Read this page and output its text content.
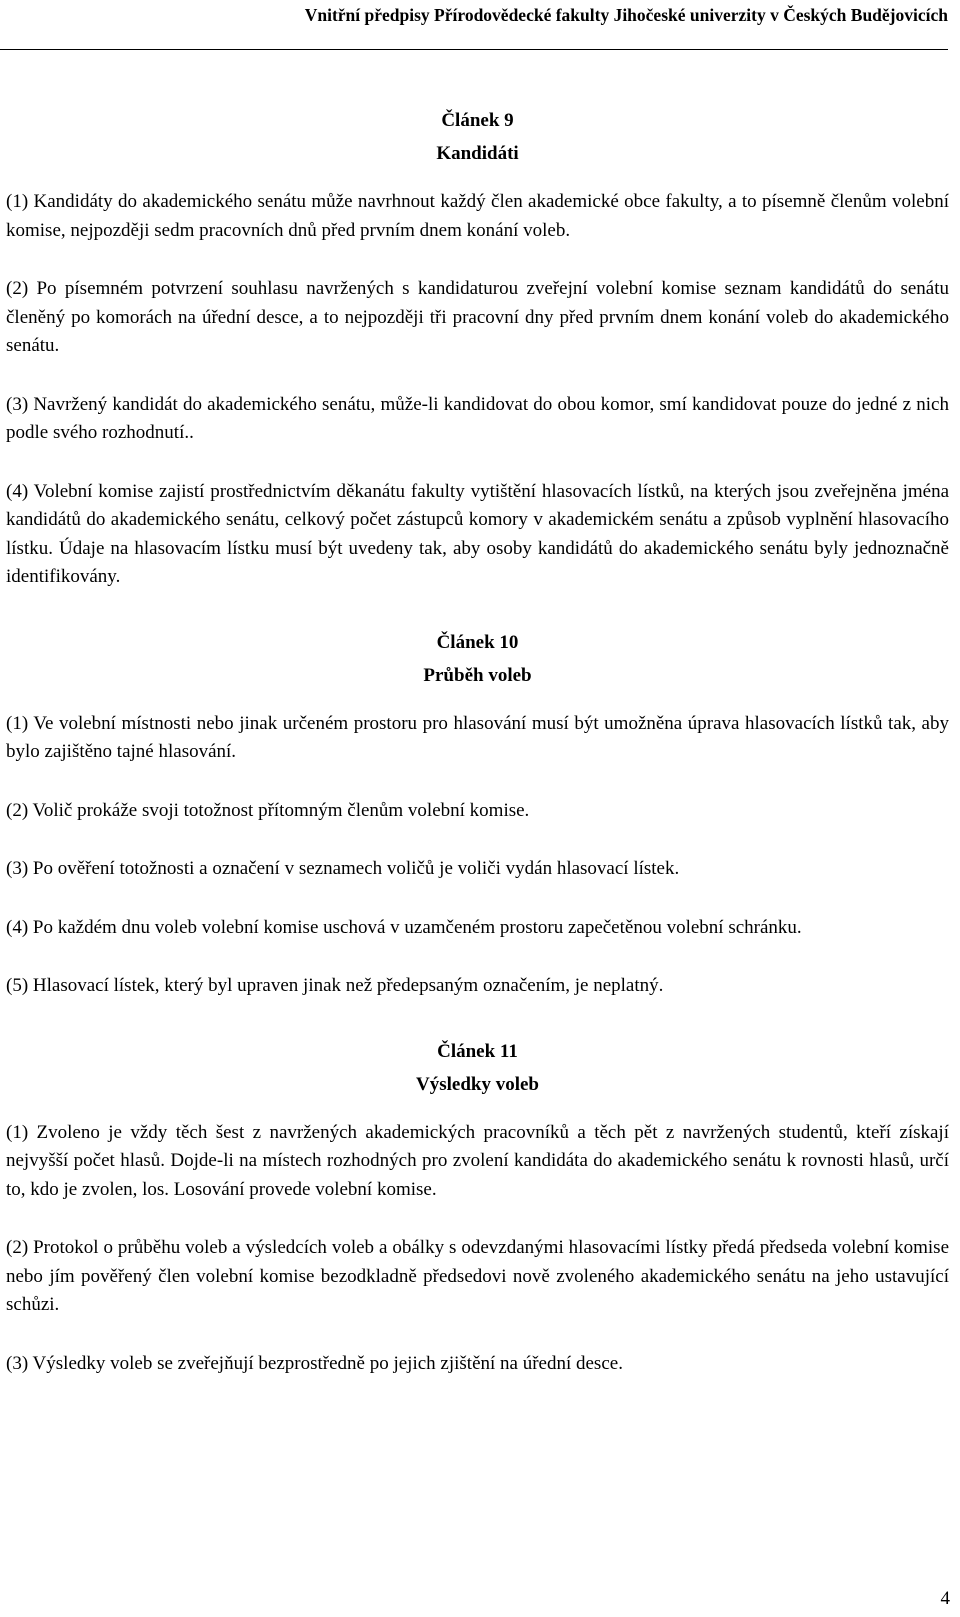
Vnitřní předpisy Přírodovědecké fakulty Jihočeské univerzity v Českých Budějovicích

Článek 9

Kandidáti

(1) Kandidáty do akademického senátu může navrhnout každý člen akademické obce fakulty, a to písemně členům volební komise, nejpozději sedm pracovních dnů před prvním dnem konání voleb.

(2) Po písemném potvrzení souhlasu navržených s kandidaturou zveřejní volební komise seznam kandidátů do senátu členěný po komorách na úřední desce, a to nejpozději tři pracovní dny před prvním dnem konání voleb do akademického senátu.

(3) Navržený kandidát do akademického senátu, může-li kandidovat do obou komor, smí kandidovat pouze do jedné z nich podle svého rozhodnutí..

(4) Volební komise zajistí prostřednictvím děkanátu fakulty vytištění hlasovacích lístků, na kterých jsou zveřejněna jména kandidátů do akademického senátu, celkový počet zástupců komory v akademickém senátu a způsob vyplnění hlasovacího lístku. Údaje na hlasovacím lístku musí být uvedeny tak, aby osoby kandidátů do akademického senátu byly jednoznačně identifikovány.

Článek 10

Průběh voleb

(1) Ve volební místnosti nebo jinak určeném prostoru pro hlasování musí být umožněna úprava hlasovacích lístků tak, aby bylo zajištěno tajné hlasování.

(2) Volič prokáže svoji totožnost přítomným členům volební komise.

(3) Po ověření totožnosti a označení v seznamech voličů je voliči vydán hlasovací lístek.

(4) Po každém dnu voleb volební komise uschová v uzamčeném prostoru zapečetěnou volební schránku.

(5) Hlasovací lístek, který byl upraven jinak než předepsaným označením, je neplatný.

Článek 11

Výsledky voleb

(1) Zvoleno je vždy těch šest z navržených akademických pracovníků a těch pět z navržených studentů, kteří získají nejvyšší počet hlasů. Dojde-li na místech rozhodných pro zvolení kandidáta do akademického senátu k rovnosti hlasů, určí to, kdo je zvolen, los. Losování provede volební komise.

(2) Protokol o průběhu voleb a výsledcích voleb a obálky s odevzdanými hlasovacími lístky předá předseda volební komise nebo jím pověřený člen volební komise bezodkladně předsedovi nově zvoleného akademického senátu na jeho ustavující schůzi.

(3) Výsledky voleb se zveřejňují bezprostředně po jejich zjištění na úřední desce.

4
